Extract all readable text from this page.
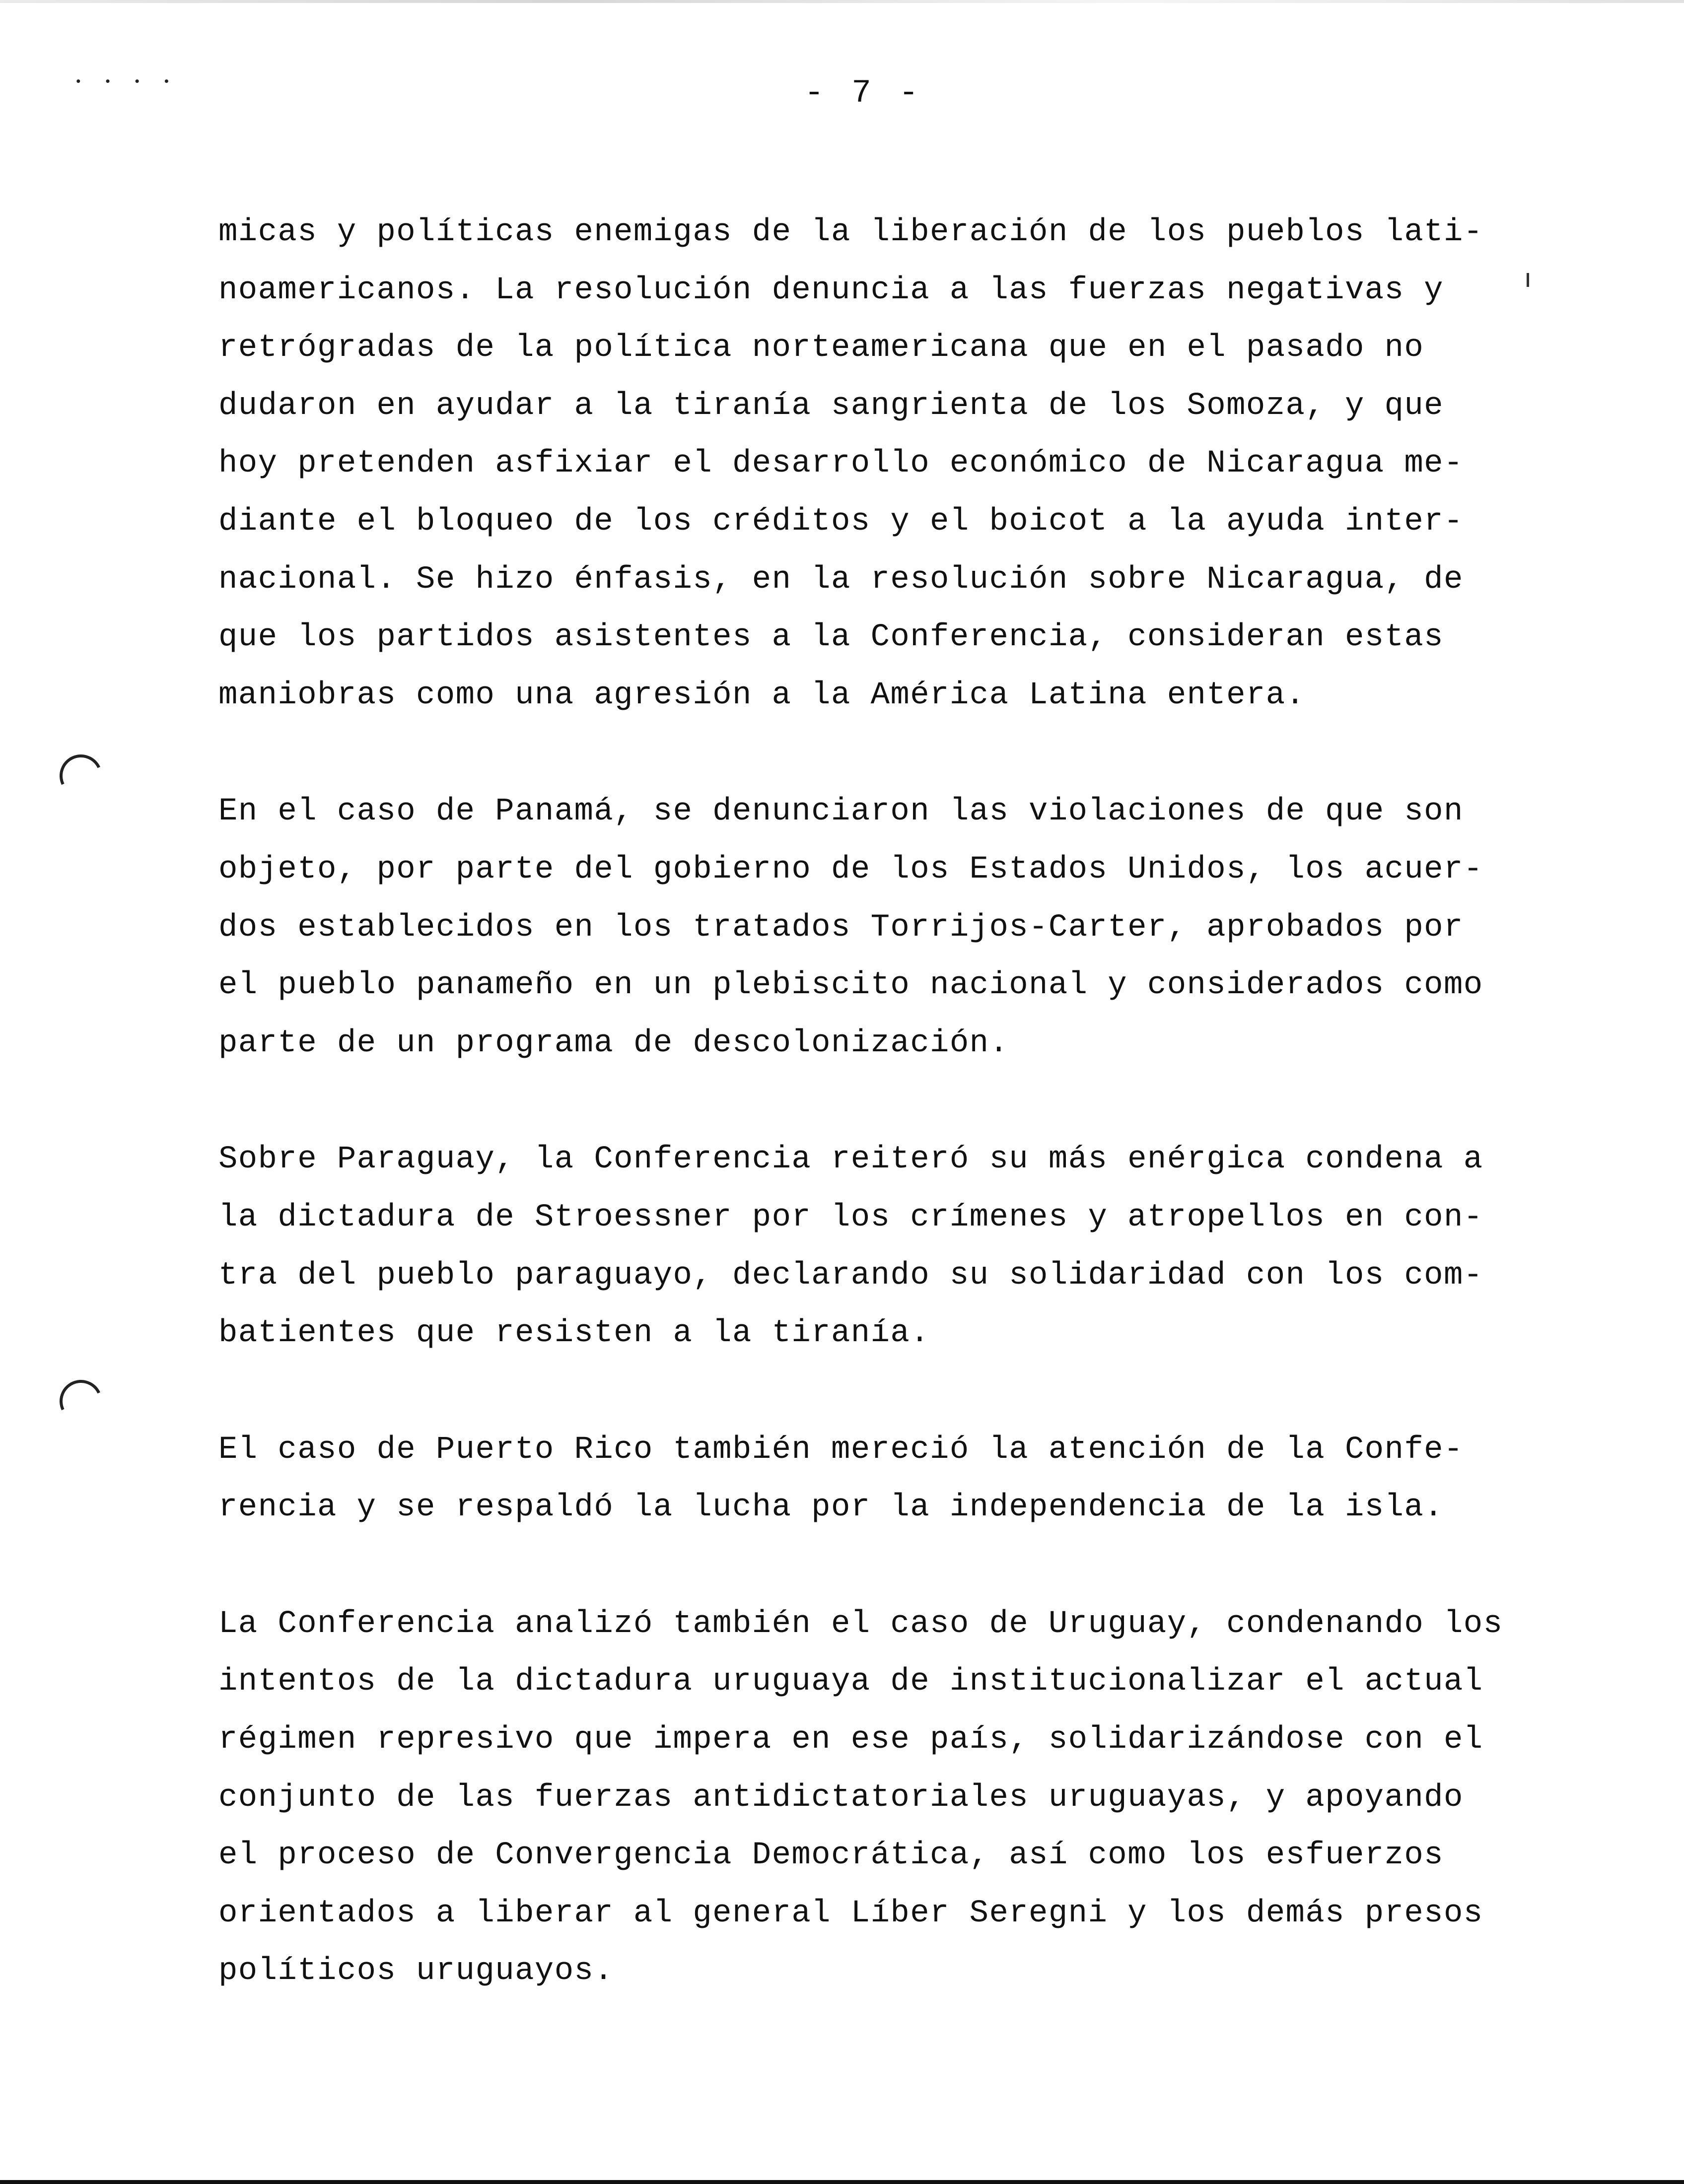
• • • •	- 7 -
micas y políticas enemigas de la liberación de los pueblos lati-
noamericanos. La resolución denuncia a las fuerzas negativas y
retrógradas de la política norteamericana que en el pasado no
dudaron en ayudar a la tiranía sangrienta de los Somoza, y que
hoy pretenden asfixiar el desarrollo económico de Nicaragua me-
diante el bloqueo de los créditos y el boicot a la ayuda inter-
nacional. Se hizo énfasis, en la resolución sobre Nicaragua, de
que los partidos asistentes a la Conferencia, consideran estas
maniobras como una agresión a la América Latina entera.
En el caso de Panamá, se denunciaron las violaciones de que son
objeto, por parte del gobierno de los Estados Unidos, los acuer-
dos establecidos en los tratados Torrijos-Carter, aprobados por
el pueblo panameño en un plebiscito nacional y considerados como
parte de un programa de descolonización.
Sobre Paraguay, la Conferencia reiteró su más enérgica condena a
la dictadura de Stroessner por los crímenes y atropellos en con-
tra del pueblo paraguayo, declarando su solidaridad con los com-
batientes que resisten a la tiranía.
El caso de Puerto Rico también mereció la atención de la Confe-
rencia y se respaldó la lucha por la independencia de la isla.
La Conferencia analizó también el caso de Uruguay, condenando los
intentos de la dictadura uruguaya de institucionalizar el actual
régimen represivo que impera en ese país, solidarizándose con el
conjunto de las fuerzas antidictatoriales uruguayas, y apoyando
el proceso de Convergencia Democrática, así como los esfuerzos
orientados a liberar al general Líber Seregni y los demás presos
políticos uruguayos.
